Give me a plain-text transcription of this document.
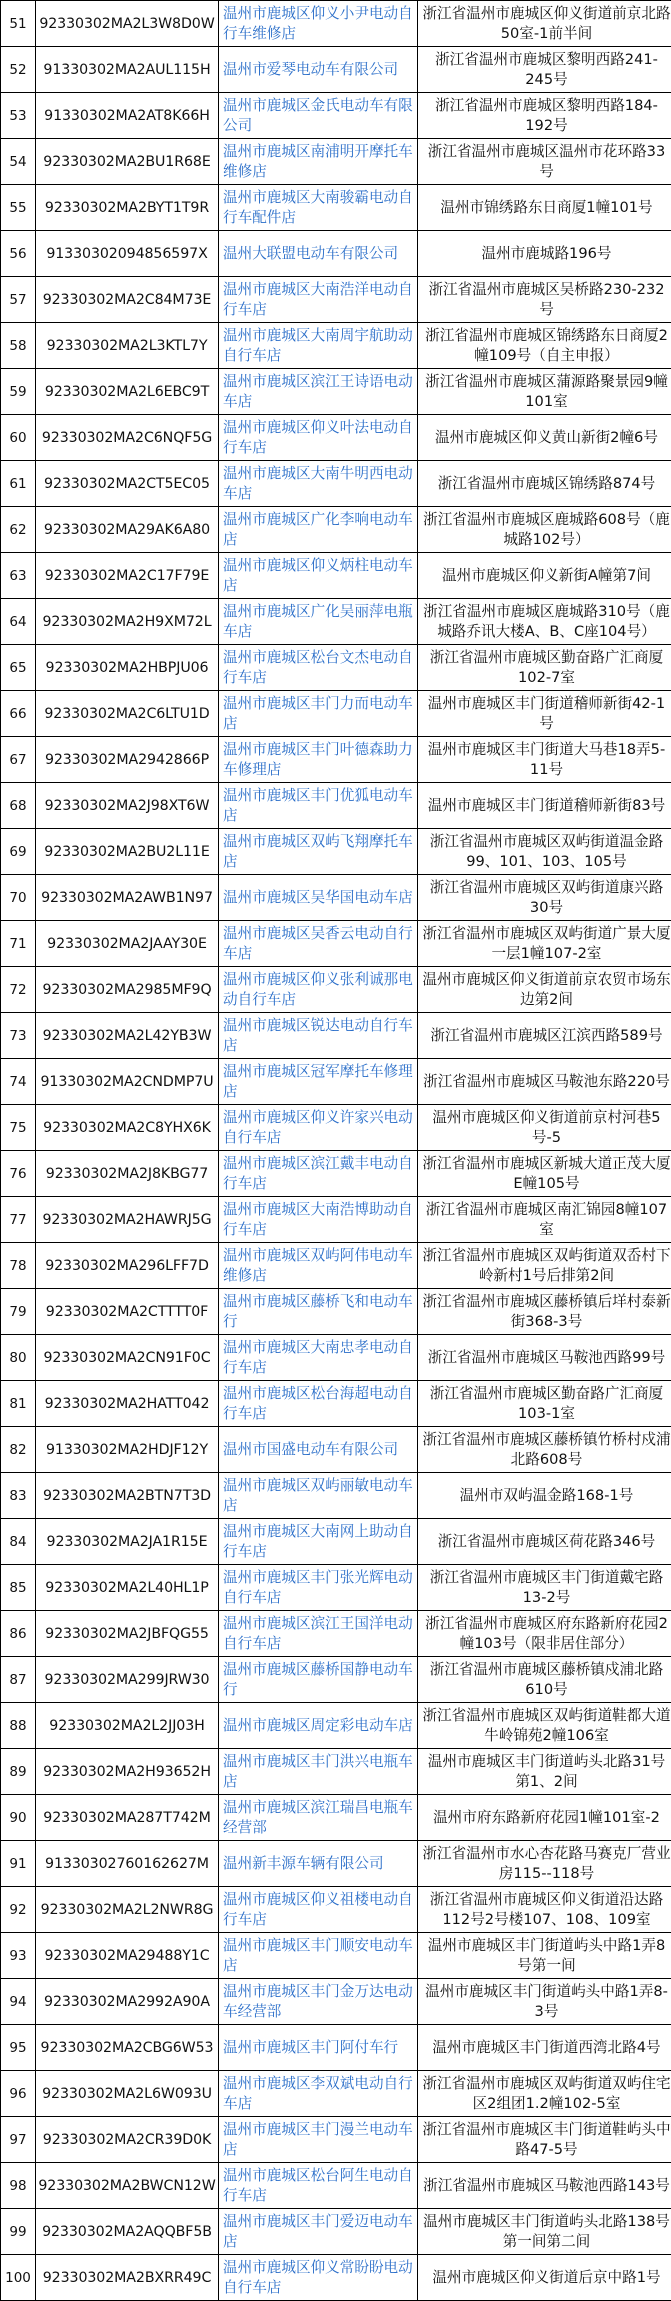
51	92330302MA2L3W8D0W	温州市鹿城区仰义小尹电动自行车维修店	浙江省温州市鹿城区仰义街道前京北路50室-1前半间
52	91330302MA2AUL115H	温州市爱琴电动车有限公司	浙江省温州市鹿城区黎明西路241-245号
53	91330302MA2AT8K66H	温州市鹿城区金氏电动车有限公司	浙江省温州市鹿城区黎明西路184-192号
54	92330302MA2BU1R68E	温州市鹿城区南浦明开摩托车维修店	浙江省温州市鹿城区温州市花环路33号
55	92330302MA2BYT1T9R	温州市鹿城区大南骏霸电动自行车配件店	温州市锦绣路东日商厦1幢101号
56	91330302094856597X	温州大联盟电动车有限公司	温州市鹿城路196号
57	92330302MA2C84M73E	温州市鹿城区大南浩洋电动自行车店	浙江省温州市鹿城区吴桥路230-232号
58	92330302MA2L3KTL7Y	温州市鹿城区大南周宇航助动自行车店	浙江省温州市鹿城区锦绣路东日商厦2幢109号（自主申报）
59	92330302MA2L6EBC9T	温州市鹿城区滨江王诗语电动车店	浙江省温州市鹿城区蒲源路聚景园9幢101室
60	92330302MA2C6NQF5G	温州市鹿城区仰义叶法电动自行车店	温州市鹿城区仰义黄山新街2幢6号
61	92330302MA2CT5EC05	温州市鹿城区大南牛明西电动车店	浙江省温州市鹿城区锦绣路874号
62	92330302MA29AK6A80	温州市鹿城区广化李响电动车店	浙江省温州市鹿城区鹿城路608号（鹿城路102号）
63	92330302MA2C17F79E	温州市鹿城区仰义炳柱电动车店	温州市鹿城区仰义新街A幢第7间
64	92330302MA2H9XM72L	温州市鹿城区广化吴丽萍电瓶车店	浙江省温州市鹿城区鹿城路310号（鹿城路乔讯大楼A、B、C座104号）
65	92330302MA2HBPJU06	温州市鹿城区松台文杰电动自行车店	浙江省温州市鹿城区勤奋路广汇商厦102-7室
66	92330302MA2C6LTU1D	温州市鹿城区丰门力而电动车店	温州市鹿城区丰门街道稽师新街42-1号
67	92330302MA2942866P	温州市鹿城区丰门叶德森助力车修理店	温州市鹿城区丰门街道大马巷18弄5-11号
68	92330302MA2J98XT6W	温州市鹿城区丰门优狐电动车店	温州市鹿城区丰门街道稽师新街83号
69	92330302MA2BU2L11E	温州市鹿城区双屿飞翔摩托车店	浙江省温州市鹿城区双屿街道温金路99、101、103、105号
70	92330302MA2AWB1N97	温州市鹿城区吴华国电动车店	浙江省温州市鹿城区双屿街道康兴路30号
71	92330302MA2JAAY30E	温州市鹿城区吴香云电动自行车店	浙江省温州市鹿城区双屿街道广景大厦一层1幢107-2室
72	92330302MA2985MF9Q	温州市鹿城区仰义张利诚那电动自行车店	温州市鹿城区仰义街道前京农贸市场东边第2间
73	92330302MA2L42YB3W	温州市鹿城区锐达电动自行车店	浙江省温州市鹿城区江滨西路589号
74	91330302MA2CNDMP7U	温州市鹿城区冠军摩托车修理店	浙江省温州市鹿城区马鞍池东路220号
75	92330302MA2C8YHX6K	温州市鹿城区仰义许家兴电动自行车店	温州市鹿城区仰义街道前京村河巷5号-5
76	92330302MA2J8KBG77	温州市鹿城区滨江戴丰电动自行车店	浙江省温州市鹿城区新城大道正茂大厦E幢105号
77	92330302MA2HAWRJ5G	温州市鹿城区大南浩博助动自行车店	浙江省温州市鹿城区南汇锦园8幢107室
78	92330302MA296LFF7D	温州市鹿城区双屿阿伟电动车维修店	浙江省温州市鹿城区双屿街道双岙村下岭新村1号后排第2间
79	92330302MA2CTTTT0F	温州市鹿城区藤桥飞和电动车行	浙江省温州市鹿城区藤桥镇后垟村泰新街368-3号
80	92330302MA2CN91F0C	温州市鹿城区大南忠孝电动自行车店	浙江省温州市鹿城区马鞍池西路99号
81	92330302MA2HATT042	温州市鹿城区松台海超电动自行车店	浙江省温州市鹿城区勤奋路广汇商厦103-1室
82	91330302MA2HDJF12Y	温州市国盛电动车有限公司	浙江省温州市鹿城区藤桥镇竹桥村戍浦北路608号
83	92330302MA2BTN7T3D	温州市鹿城区双屿丽敏电动车店	温州市双屿温金路168-1号
84	92330302MA2JA1R15E	温州市鹿城区大南网上助动自行车店	浙江省温州市鹿城区荷花路346号
85	92330302MA2L40HL1P	温州市鹿城区丰门张光辉电动自行车店	浙江省温州市鹿城区丰门街道戴宅路13-2号
86	92330302MA2JBFQG55	温州市鹿城区滨江王国洋电动自行车店	浙江省温州市鹿城区府东路新府花园2幢103号（限非居住部分）
87	92330302MA299JRW30	温州市鹿城区藤桥国静电动车行	浙江省温州市鹿城区藤桥镇戍浦北路610号
88	92330302MA2L2JJ03H	温州市鹿城区周定彩电动车店	浙江省温州市鹿城区双屿街道鞋都大道牛岭锦苑2幢106室
89	92330302MA2H93652H	温州市鹿城区丰门洪兴电瓶车店	温州市鹿城区丰门街道屿头北路31号第1、2间
90	92330302MA287T742M	温州市鹿城区滨江瑞昌电瓶车经营部	温州市府东路新府花园1幢101室-2
91	91330302760162627M	温州新丰源车辆有限公司	浙江省温州市水心杏花路马赛克厂营业房115--118号
92	92330302MA2L2NWR8G	温州市鹿城区仰义祖楼电动自行车店	浙江省温州市鹿城区仰义街道沿达路112号2号楼107、108、109室
93	92330302MA29488Y1C	温州市鹿城区丰门顺安电动车店	温州市鹿城区丰门街道屿头中路1弄8号第一间
94	92330302MA2992A90A	温州市鹿城区丰门金万达电动车经营部	温州市鹿城区丰门街道屿头中路1弄8-3号
95	92330302MA2CBG6W53	温州市鹿城区丰门阿付车行	温州市鹿城区丰门街道西湾北路4号
96	92330302MA2L6W093U	温州市鹿城区李双斌电动自行车店	浙江省温州市鹿城区双屿街道双屿住宅区2组团1.2幢102-5室
97	92330302MA2CR39D0K	温州市鹿城区丰门漫兰电动车店	浙江省温州市鹿城区丰门街道鞋屿头中路47-5号
98	92330302MA2BWCN12W	温州市鹿城区松台阿生电动自行车店	浙江省温州市鹿城区马鞍池西路143号
99	92330302MA2AQQBF5B	温州市鹿城区丰门爱迈电动车店	温州市鹿城区丰门街道屿头北路138号第一间第二间
100	92330302MA2BXRR49C	温州市鹿城区仰义常盼盼电动自行车店	温州市鹿城区仰义街道后京中路1号
